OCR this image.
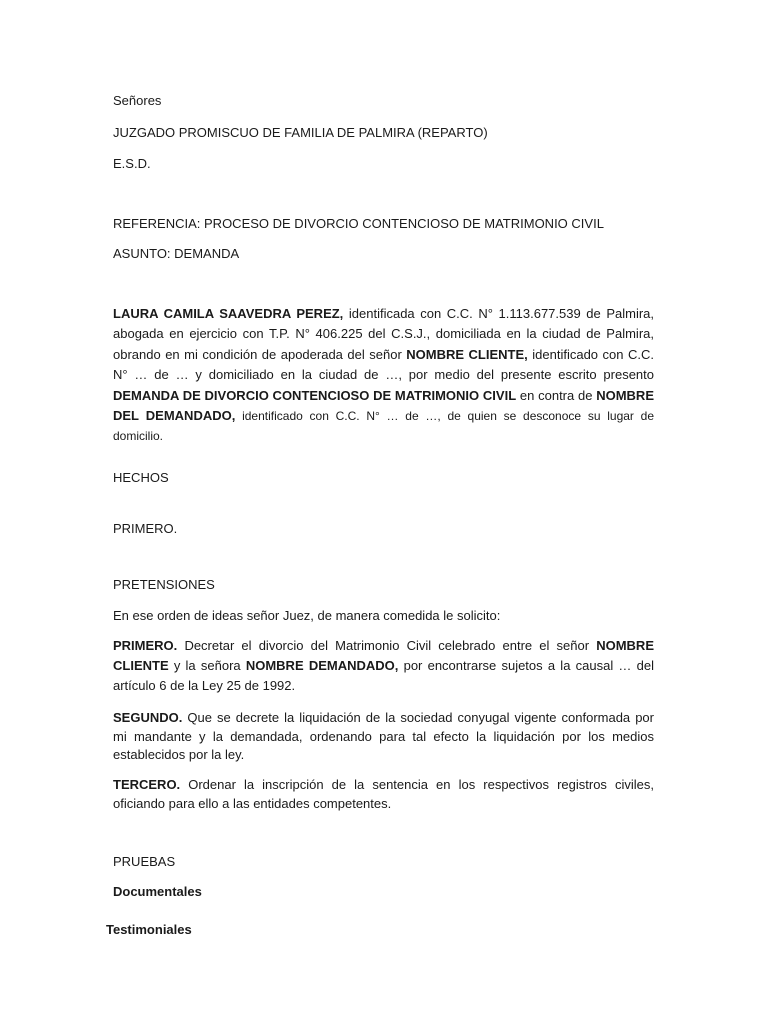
Señores

JUZGADO PROMISCUO DE FAMILIA DE PALMIRA (REPARTO)

E.S.D.

REFERENCIA: PROCESO DE DIVORCIO CONTENCIOSO DE MATRIMONIO CIVIL

ASUNTO: DEMANDA

LAURA CAMILA SAAVEDRA PEREZ, identificada con C.C. N° 1.113.677.539 de Palmira, abogada en ejercicio con T.P. N° 406.225 del C.S.J., domiciliada en la ciudad de Palmira, obrando en mi condición de apoderada del señor NOMBRE CLIENTE, identificado con C.C. N° … de … y domiciliado en la ciudad de …, por medio del presente escrito presento DEMANDA DE DIVORCIO CONTENCIOSO DE MATRIMONIO CIVIL en contra de NOMBRE DEL DEMANDADO, identificado con C.C. N° … de …, de quien se desconoce su lugar de domicilio.

HECHOS

PRIMERO.

PRETENSIONES

En ese orden de ideas señor Juez, de manera comedida le solicito:

PRIMERO. Decretar el divorcio del Matrimonio Civil celebrado entre el señor NOMBRE CLIENTE y la señora NOMBRE DEMANDADO, por encontrarse sujetos a la causal … del artículo 6 de la Ley 25 de 1992.

SEGUNDO. Que se decrete la liquidación de la sociedad conyugal vigente conformada por mi mandante y la demandada, ordenando para tal efecto la liquidación por los medios establecidos por la ley.

TERCERO. Ordenar la inscripción de la sentencia en los respectivos registros civiles, oficiando para ello a las entidades competentes.

PRUEBAS

Documentales

Testimoniales
